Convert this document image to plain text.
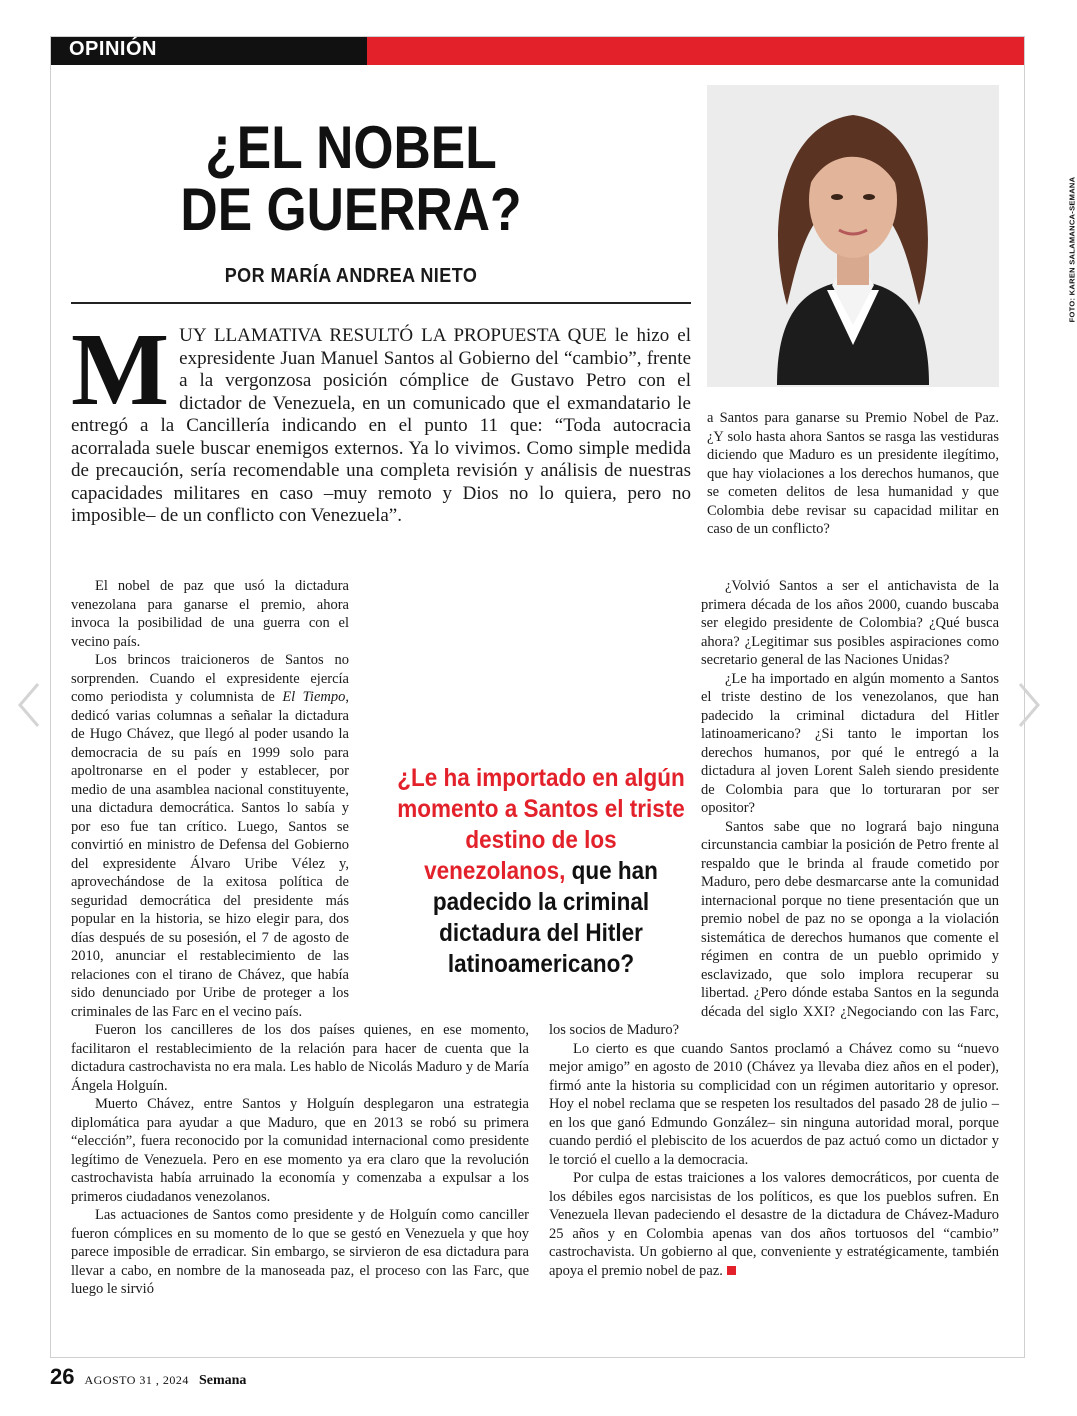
OPINIÓN
¿EL NOBEL
DE GUERRA?
POR MARÍA ANDREA NIETO	FOTO: KAREN SALAMANCA-SEMANA

MUY LLAMATIVA RESULTÓ LA PROPUESTA QUE le hizo el expresidente Juan Manuel Santos al Gobierno del “cambio”, frente a la vergonzosa posición cómplice de Gustavo Petro con el dictador de Venezuela, en un comunicado que el exmandatario le entregó a la Cancillería indicando en el punto 11 que: “Toda autocracia acorralada suele buscar enemigos externos. Ya lo vivimos. Como simple medida de precaución, sería recomendable una completa revisión y análisis de nuestras capacidades militares en caso –muy remoto y Dios no lo quiera, pero no imposible– de un conflicto con Venezuela”.

a Santos para ganarse su Premio Nobel de Paz. ¿Y solo hasta ahora Santos se rasga las vestiduras diciendo que Maduro es un presidente ilegítimo, que hay violaciones a los derechos humanos, que se cometen delitos de lesa humanidad y que Colombia debe revisar su capacidad militar en caso de un conflicto?

El nobel de paz que usó la dictadura venezolana para ganarse el premio, ahora invoca la posibilidad de una guerra con el vecino país.

Los brincos traicioneros de Santos no sorprenden. Cuando el expresidente ejercía como periodista y columnista de El Tiempo, dedicó varias columnas a señalar la dictadura de Hugo Chávez, que llegó al poder usando la democracia de su país en 1999 solo para apoltronarse en el poder y establecer, por medio de una asamblea nacional constituyente, una dictadura democrática. Santos lo sabía y por eso fue tan crítico. Luego, Santos se convirtió en ministro de Defensa del Gobierno del expresidente Álvaro Uribe Vélez y, aprovechándose de la exitosa política de seguridad democrática del presidente más popular en la historia, se hizo elegir para, dos días después de su posesión, el 7 de agosto de 2010, anunciar el restablecimiento de las relaciones con el tirano de Chávez, que había sido denunciado por Uribe de proteger a los criminales de las Farc en el vecino país.

Fueron los cancilleres de los dos países quienes, en ese momento, facilitaron el restablecimiento de la relación para hacer de cuenta que la dictadura castrochavista no era mala. Les hablo de Nicolás Maduro y de María Ángela Holguín.

Muerto Chávez, entre Santos y Holguín desplegaron una estrategia diplomática para ayudar a que Maduro, que en 2013 se robó su primera “elección”, fuera reconocido por la comunidad internacional como presidente legítimo de Venezuela. Pero en ese momento ya era claro que la revolución castrochavista había arruinado la economía y comenzaba a expulsar a los primeros ciudadanos venezolanos.

Las actuaciones de Santos como presidente y de Holguín como canciller fueron cómplices en su momento de lo que se gestó en Venezuela y que hoy parece imposible de erradicar. Sin embargo, se sirvieron de esa dictadura para llevar a cabo, en nombre de la manoseada paz, el proceso con las Farc, que luego le sirvió

¿Volvió Santos a ser el antichavista de la primera década de los años 2000, cuando buscaba ser elegido presidente de Colombia? ¿Qué busca ahora? ¿Legitimar sus posibles aspiraciones como secretario general de las Naciones Unidas?

¿Le ha importado en algún momento a Santos el triste destino de los venezolanos, que han padecido la criminal dictadura del Hitler latinoamericano? ¿Si tanto le importan los derechos humanos, por qué le entregó a la dictadura al joven Lorent Saleh siendo presidente de Colombia para que lo torturaran por ser opositor?

Santos sabe que no logrará bajo ninguna circunstancia cambiar la posición de Petro frente al respaldo que le brinda al fraude cometido por Maduro, pero debe desmarcarse ante la comunidad internacional porque no tiene presentación que un premio nobel de paz no se oponga a la violación sistemática de derechos humanos que comente el régimen en contra de un pueblo oprimido y esclavizado, que solo implora recuperar su libertad. ¿Pero dónde estaba Santos en la segunda década del siglo XXI? ¿Negociando con las Farc, los socios de Maduro?

Lo cierto es que cuando Santos proclamó a Chávez como su “nuevo mejor amigo” en agosto de 2010 (Chávez ya llevaba diez años en el poder), firmó ante la historia su complicidad con un régimen autoritario y opresor. Hoy el nobel reclama que se respeten los resultados del pasado 28 de julio –en los que ganó Edmundo González– sin ninguna autoridad moral, porque cuando perdió el plebiscito de los acuerdos de paz actuó como un dictador y le torció el cuello a la democracia.

Por culpa de estas traiciones a los valores democráticos, por cuenta de los débiles egos narcisistas de los políticos, es que los pueblos sufren. En Venezuela llevan padeciendo el desastre de la dictadura de Chávez-Maduro 25 años y en Colombia apenas van dos años tortuosos del “cambio” castrochavista. Un gobierno al que, conveniente y estratégicamente, también apoya el premio nobel de paz.

¿Le ha importado en algún momento a Santos el triste destino de los venezolanos, que han padecido la criminal dictadura del Hitler latinoamericano?
26 AGOSTO 31 , 2024 Semana
